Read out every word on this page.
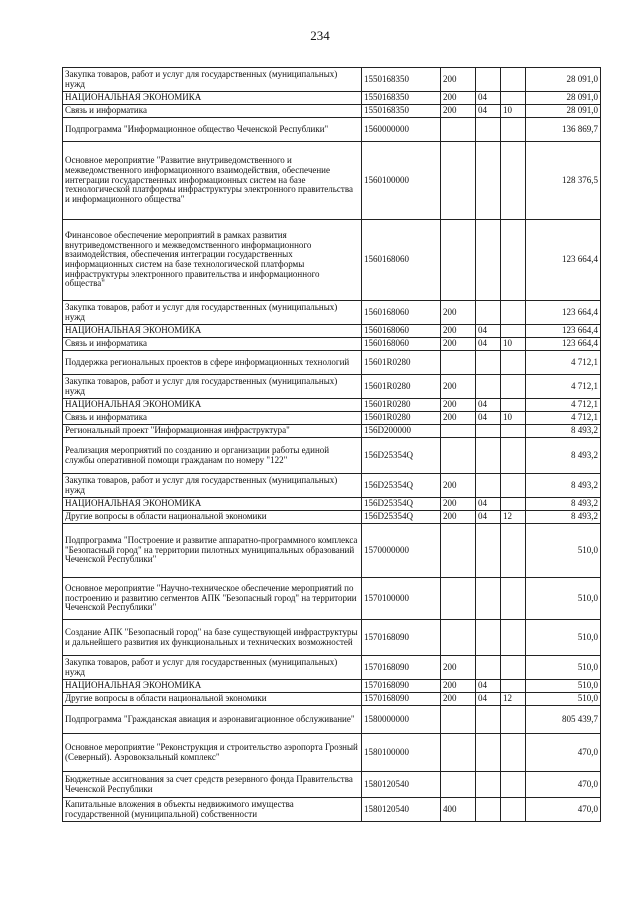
234
Закупка товаров, работ и услуг для государственных (муниципальных) нужд	1550168350	200			28 091,0
НАЦИОНАЛЬНАЯ ЭКОНОМИКА	1550168350	200	04		28 091,0
Связь и информатика	1550168350	200	04	10	28 091,0
Подпрограмма "Информационное общество Чеченской Республики"	1560000000				136 869,7
Основное мероприятие "Развитие внутриведомственного и межведомственного информационного взаимодействия, обеспечение интеграции государственных информационных систем на базе технологической платформы инфраструктуры электронного правительства и информационного общества"	1560100000				128 376,5
Финансовое обеспечение мероприятий в рамках развития внутриведомственного и межведомственного информационного взаимодействия, обеспечения интеграции государственных информационных систем на базе технологической платформы инфраструктуры электронного правительства и информационного общества"	1560168060				123 664,4
Закупка товаров, работ и услуг для государственных (муниципальных) нужд	1560168060	200			123 664,4
НАЦИОНАЛЬНАЯ ЭКОНОМИКА	1560168060	200	04		123 664,4
Связь и информатика	1560168060	200	04	10	123 664,4
Поддержка региональных проектов в сфере информационных технологий	15601R0280				4 712,1
Закупка товаров, работ и услуг для государственных (муниципальных) нужд	15601R0280	200			4 712,1
НАЦИОНАЛЬНАЯ ЭКОНОМИКА	15601R0280	200	04		4 712,1
Связь и информатика	15601R0280	200	04	10	4 712,1
Региональный проект "Информационная инфраструктура"	156D200000				8 493,2
Реализация мероприятий по созданию и организации работы единой службы оперативной помощи гражданам по номеру "122"	156D25354Q				8 493,2
Закупка товаров, работ и услуг для государственных (муниципальных) нужд	156D25354Q	200			8 493,2
НАЦИОНАЛЬНАЯ ЭКОНОМИКА	156D25354Q	200	04		8 493,2
Другие вопросы в области национальной экономики	156D25354Q	200	04	12	8 493,2
Подпрограмма "Построение и развитие аппаратно-программного комплекса "Безопасный город" на территории пилотных муниципальных образований Чеченской Республики"	1570000000				510,0
Основное мероприятие "Научно-техническое обеспечение мероприятий по построению и развитию сегментов АПК "Безопасный город" на территории Чеченской Республики"	1570100000				510,0
Создание АПК "Безопасный город" на базе существующей инфраструктуры и дальнейшего развития их функциональных и технических возможностей	1570168090				510,0
Закупка товаров, работ и услуг для государственных (муниципальных) нужд	1570168090	200			510,0
НАЦИОНАЛЬНАЯ ЭКОНОМИКА	1570168090	200	04		510,0
Другие вопросы в области национальной экономики	1570168090	200	04	12	510,0
Подпрограмма "Гражданская авиация и аэронавигационное обслуживание"	1580000000				805 439,7
Основное мероприятие "Реконструкция и строительство аэропорта Грозный (Северный). Аэровокзальный комплекс"	1580100000				470,0
Бюджетные ассигнования за счет средств резервного фонда Правительства Чеченской Республики	1580120540				470,0
Капитальные вложения в объекты недвижимого имущества государственной (муниципальной) собственности	1580120540	400			470,0
